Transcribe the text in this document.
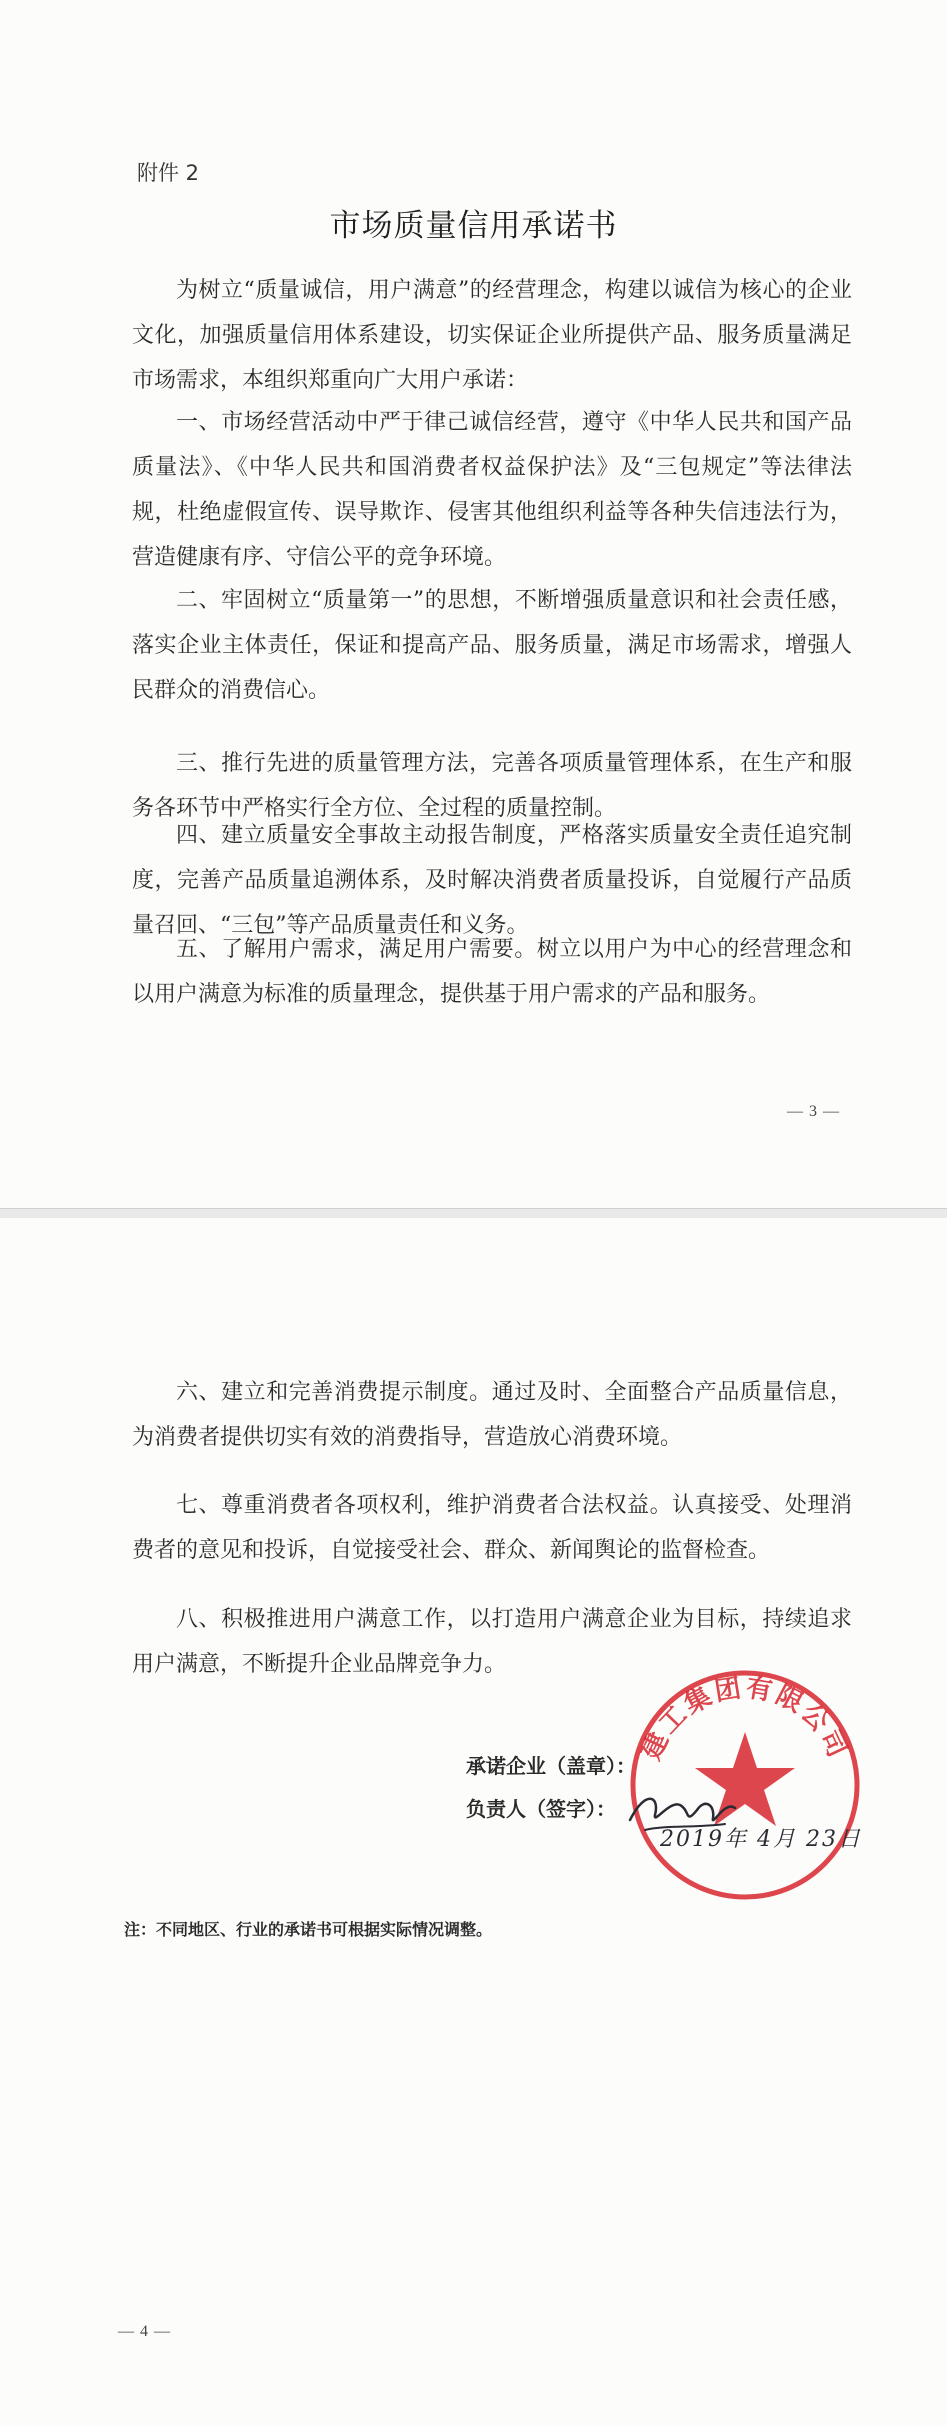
附件 2
市场质量信用承诺书

为树立“质量诚信，用户满意”的经营理念，构建以诚信为核心的企业文化，加强质量信用体系建设，切实保证企业所提供产品、服务质量满足市场需求，本组织郑重向广大用户承诺：

一、市场经营活动中严于律己诚信经营，遵守《中华人民共和国产品质量法》、《中华人民共和国消费者权益保护法》及“三包规定”等法律法规，杜绝虚假宣传、误导欺诈、侵害其他组织利益等各种失信违法行为，营造健康有序、守信公平的竞争环境。

二、牢固树立“质量第一”的思想，不断增强质量意识和社会责任感，落实企业主体责任，保证和提高产品、服务质量，满足市场需求，增强人民群众的消费信心。

三、推行先进的质量管理方法，完善各项质量管理体系，在生产和服务各环节中严格实行全方位、全过程的质量控制。

四、建立质量安全事故主动报告制度，严格落实质量安全责任追究制度，完善产品质量追溯体系，及时解决消费者质量投诉，自觉履行产品质量召回、“三包”等产品质量责任和义务。

五、了解用户需求，满足用户需要。树立以用户为中心的经营理念和以用户满意为标准的质量理念，提供基于用户需求的产品和服务。

— 3 —

六、建立和完善消费提示制度。通过及时、全面整合产品质量信息，为消费者提供切实有效的消费指导，营造放心消费环境。

七、尊重消费者各项权利，维护消费者合法权益。认真接受、处理消费者的意见和投诉，自觉接受社会、群众、新闻舆论的监督检查。

八、积极推进用户满意工作，以打造用户满意企业为目标，持续追求用户满意，不断提升企业品牌竞争力。

建工集团有限公司
承诺企业（盖章）：
负责人（签字）：
2019年 4月 23日
注：不同地区、行业的承诺书可根据实际情况调整。
— 4 —
